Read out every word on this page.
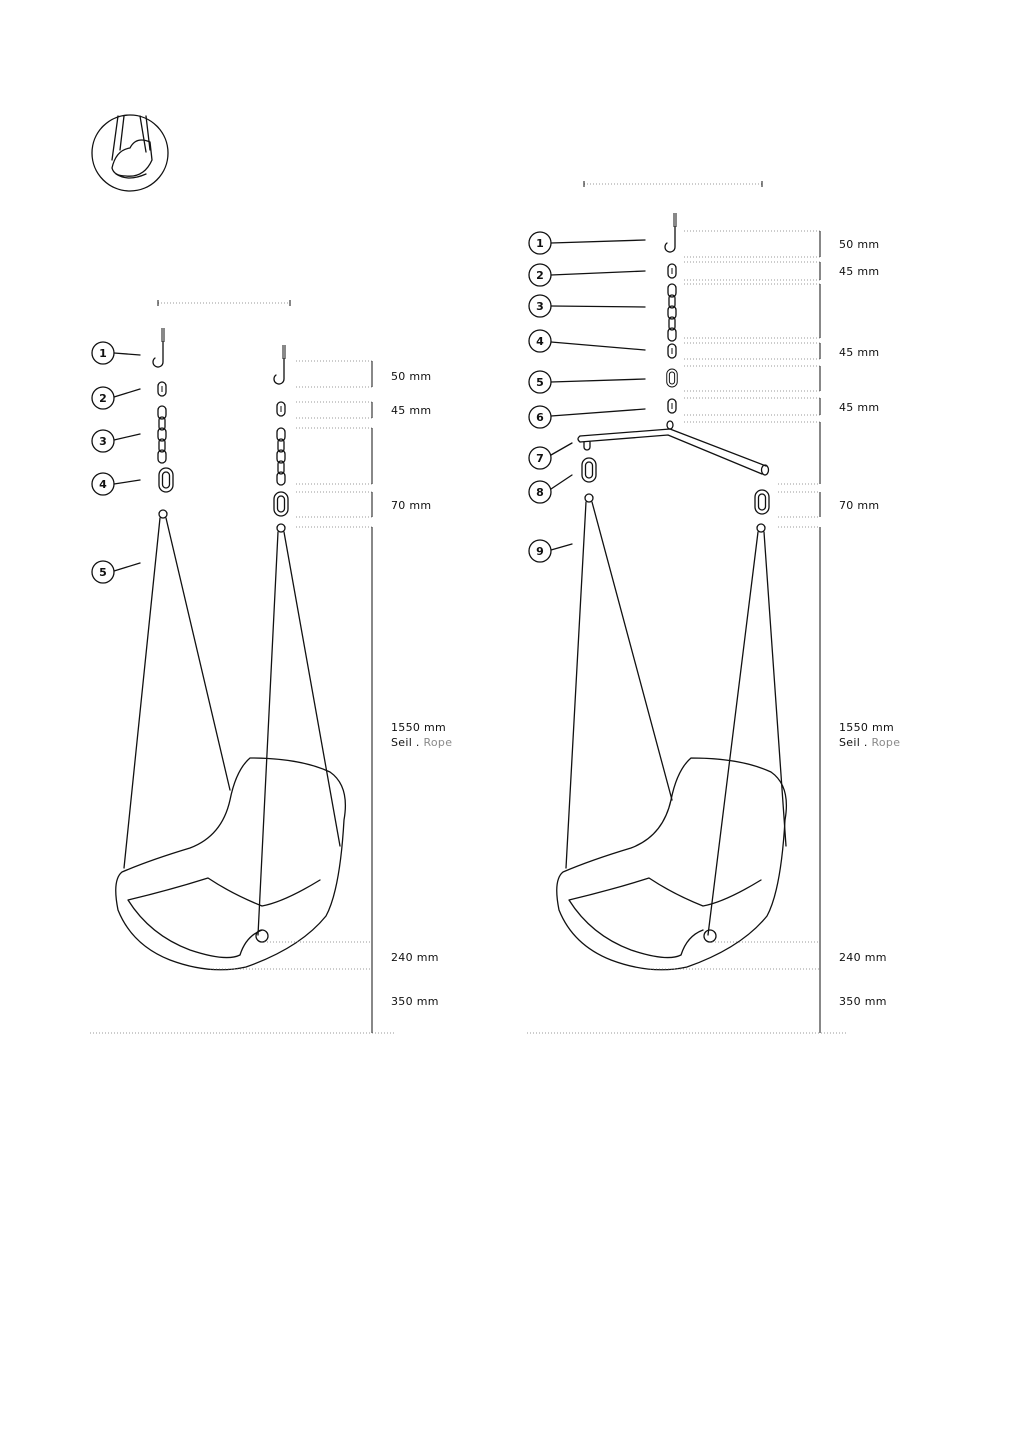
1
2
3
4
5
50 mm
45 mm
70 mm
1550 mm
Seil . Rope
240 mm
350 mm
1
2
3
4
5
6
7
8
9
50 mm
45 mm
45 mm
45 mm
70 mm
1550 mm
Seil . Rope
240 mm
350 mm
